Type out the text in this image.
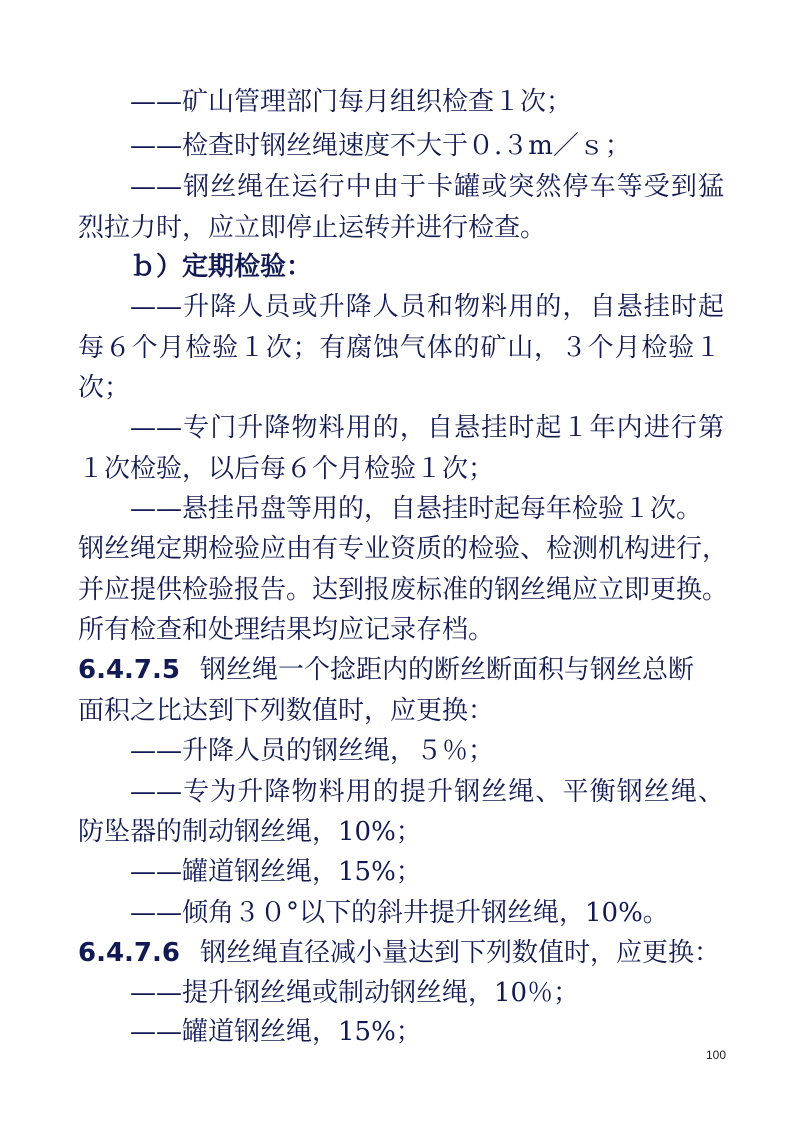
——矿山管理部门每月组织检查１次；
——检查时钢丝绳速度不大于０.３m／ｓ；
——钢丝绳在运行中由于卡罐或突然停车等受到猛
烈拉力时，应立即停止运转并进行检查。
ｂ）定期检验：
——升降人员或升降人员和物料用的，自悬挂时起
每６个月检验１次；有腐蚀气体的矿山，３个月检验１
次；
——专门升降物料用的，自悬挂时起１年内进行第
１次检验，以后每６个月检验１次；
——悬挂吊盘等用的，自悬挂时起每年检验１次。
钢丝绳定期检验应由有专业资质的检验、检测机构进行，
并应提供检验报告。达到报废标准的钢丝绳应立即更换。
所有检查和处理结果均应记录存档。
6.4.7.5 钢丝绳一个捻距内的断丝断面积与钢丝总断
面积之比达到下列数值时，应更换：
——升降人员的钢丝绳，５％；
——专为升降物料用的提升钢丝绳、平衡钢丝绳、
防坠器的制动钢丝绳，10%；
——罐道钢丝绳，15%；
——倾角３０°以下的斜井提升钢丝绳，10%。
6.4.7.6 钢丝绳直径减小量达到下列数值时，应更换：
——提升钢丝绳或制动钢丝绳，10％；
——罐道钢丝绳，15%；
100
